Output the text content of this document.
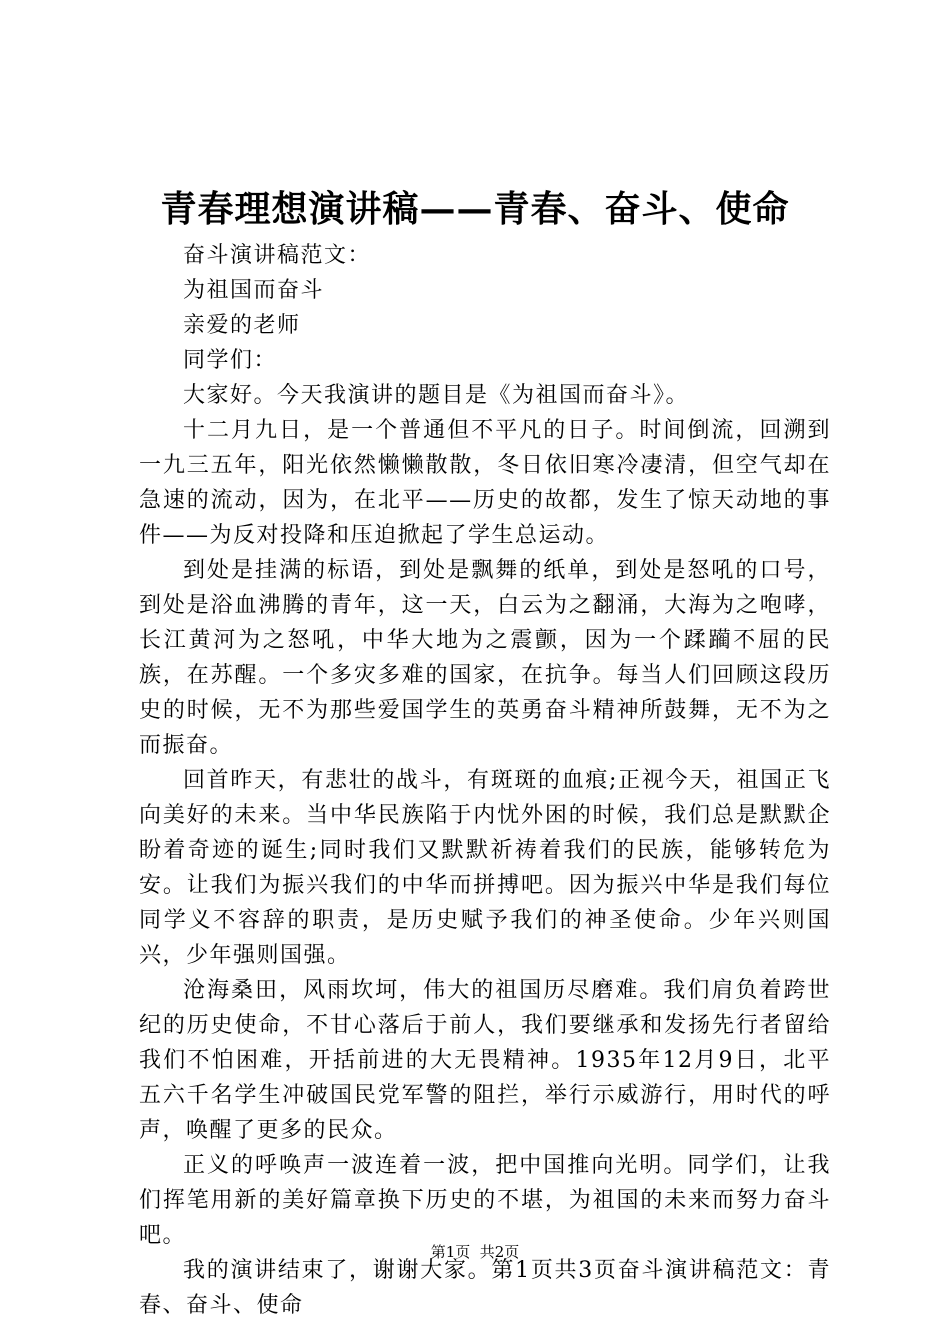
青春理想演讲稿——青春、奋斗、使命

奋斗演讲稿范文：

为祖国而奋斗

亲爱的老师

同学们：

大家好。今天我演讲的题目是《为祖国而奋斗》。

十二月九日，是一个普通但不平凡的日子。时间倒流，回溯到一九三五年，阳光依然懒懒散散，冬日依旧寒冷凄清，但空气却在急速的流动，因为，在北平——历史的故都，发生了惊天动地的事件——为反对投降和压迫掀起了学生总运动。

到处是挂满的标语，到处是飘舞的纸单，到处是怒吼的口号，到处是浴血沸腾的青年，这一天，白云为之翻涌，大海为之咆哮，长江黄河为之怒吼，中华大地为之震颤，因为一个蹂躏不屈的民族，在苏醒。一个多灾多难的国家，在抗争。每当人们回顾这段历史的时候，无不为那些爱国学生的英勇奋斗精神所鼓舞，无不为之而振奋。

回首昨天，有悲壮的战斗，有斑斑的血痕;正视今天，祖国正飞向美好的未来。当中华民族陷于内忧外困的时候，我们总是默默企盼着奇迹的诞生;同时我们又默默祈祷着我们的民族，能够转危为安。让我们为振兴我们的中华而拼搏吧。因为振兴中华是我们每位同学义不容辞的职责，是历史赋予我们的神圣使命。少年兴则国兴，少年强则国强。

沧海桑田，风雨坎坷，伟大的祖国历尽磨难。我们肩负着跨世纪的历史使命，不甘心落后于前人，我们要继承和发扬先行者留给我们不怕困难，开括前进的大无畏精神。1935年12月9日，北平五六千名学生冲破国民党军警的阻拦，举行示威游行，用时代的呼声，唤醒了更多的民众。

正义的呼唤声一波连着一波，把中国推向光明。同学们，让我们挥笔用新的美好篇章换下历史的不堪，为祖国的未来而努力奋斗吧。

我的演讲结束了，谢谢大家。第1页共3页奋斗演讲稿范文：青春、奋斗、使命

第1页  共2页
